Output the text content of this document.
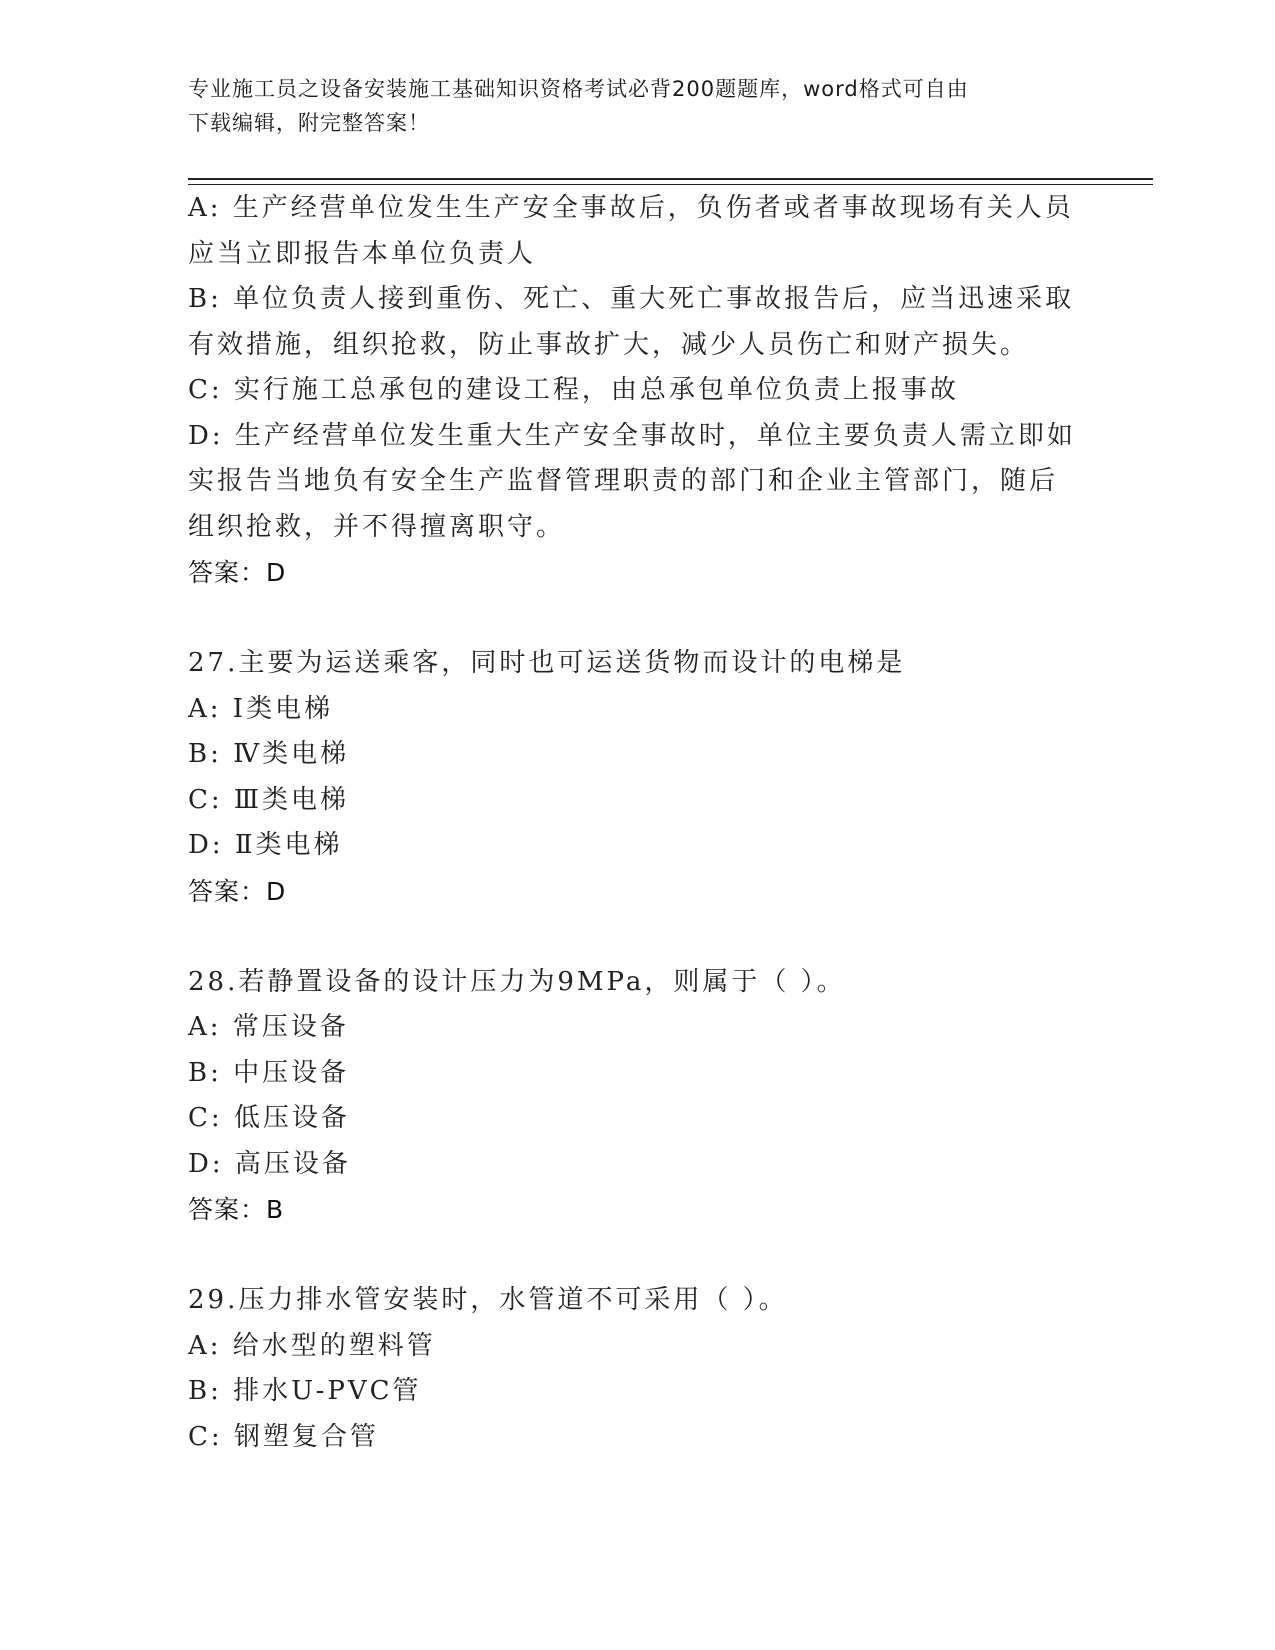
专业施工员之设备安装施工基础知识资格考试必背200题题库，word格式可自由
下载编辑，附完整答案！
A: 生产经营单位发生生产安全事故后，负伤者或者事故现场有关人员
应当立即报告本单位负责人
B: 单位负责人接到重伤、死亡、重大死亡事故报告后，应当迅速采取
有效措施，组织抢救，防止事故扩大，减少人员伤亡和财产损失。
C: 实行施工总承包的建设工程，由总承包单位负责上报事故
D: 生产经营单位发生重大生产安全事故时，单位主要负责人需立即如
实报告当地负有安全生产监督管理职责的部门和企业主管部门，随后
组织抢救，并不得擅离职守。
答案：D
27.主要为运送乘客，同时也可运送货物而设计的电梯是
A: I类电梯
B: Ⅳ类电梯
C: Ⅲ类电梯
D: Ⅱ类电梯
答案：D
28.若静置设备的设计压力为9MPa，则属于（ ）。
A: 常压设备
B: 中压设备
C: 低压设备
D: 高压设备
答案：B
29.压力排水管安装时，水管道不可采用（ ）。
A: 给水型的塑料管
B: 排水U-PVC管
C: 钢塑复合管
